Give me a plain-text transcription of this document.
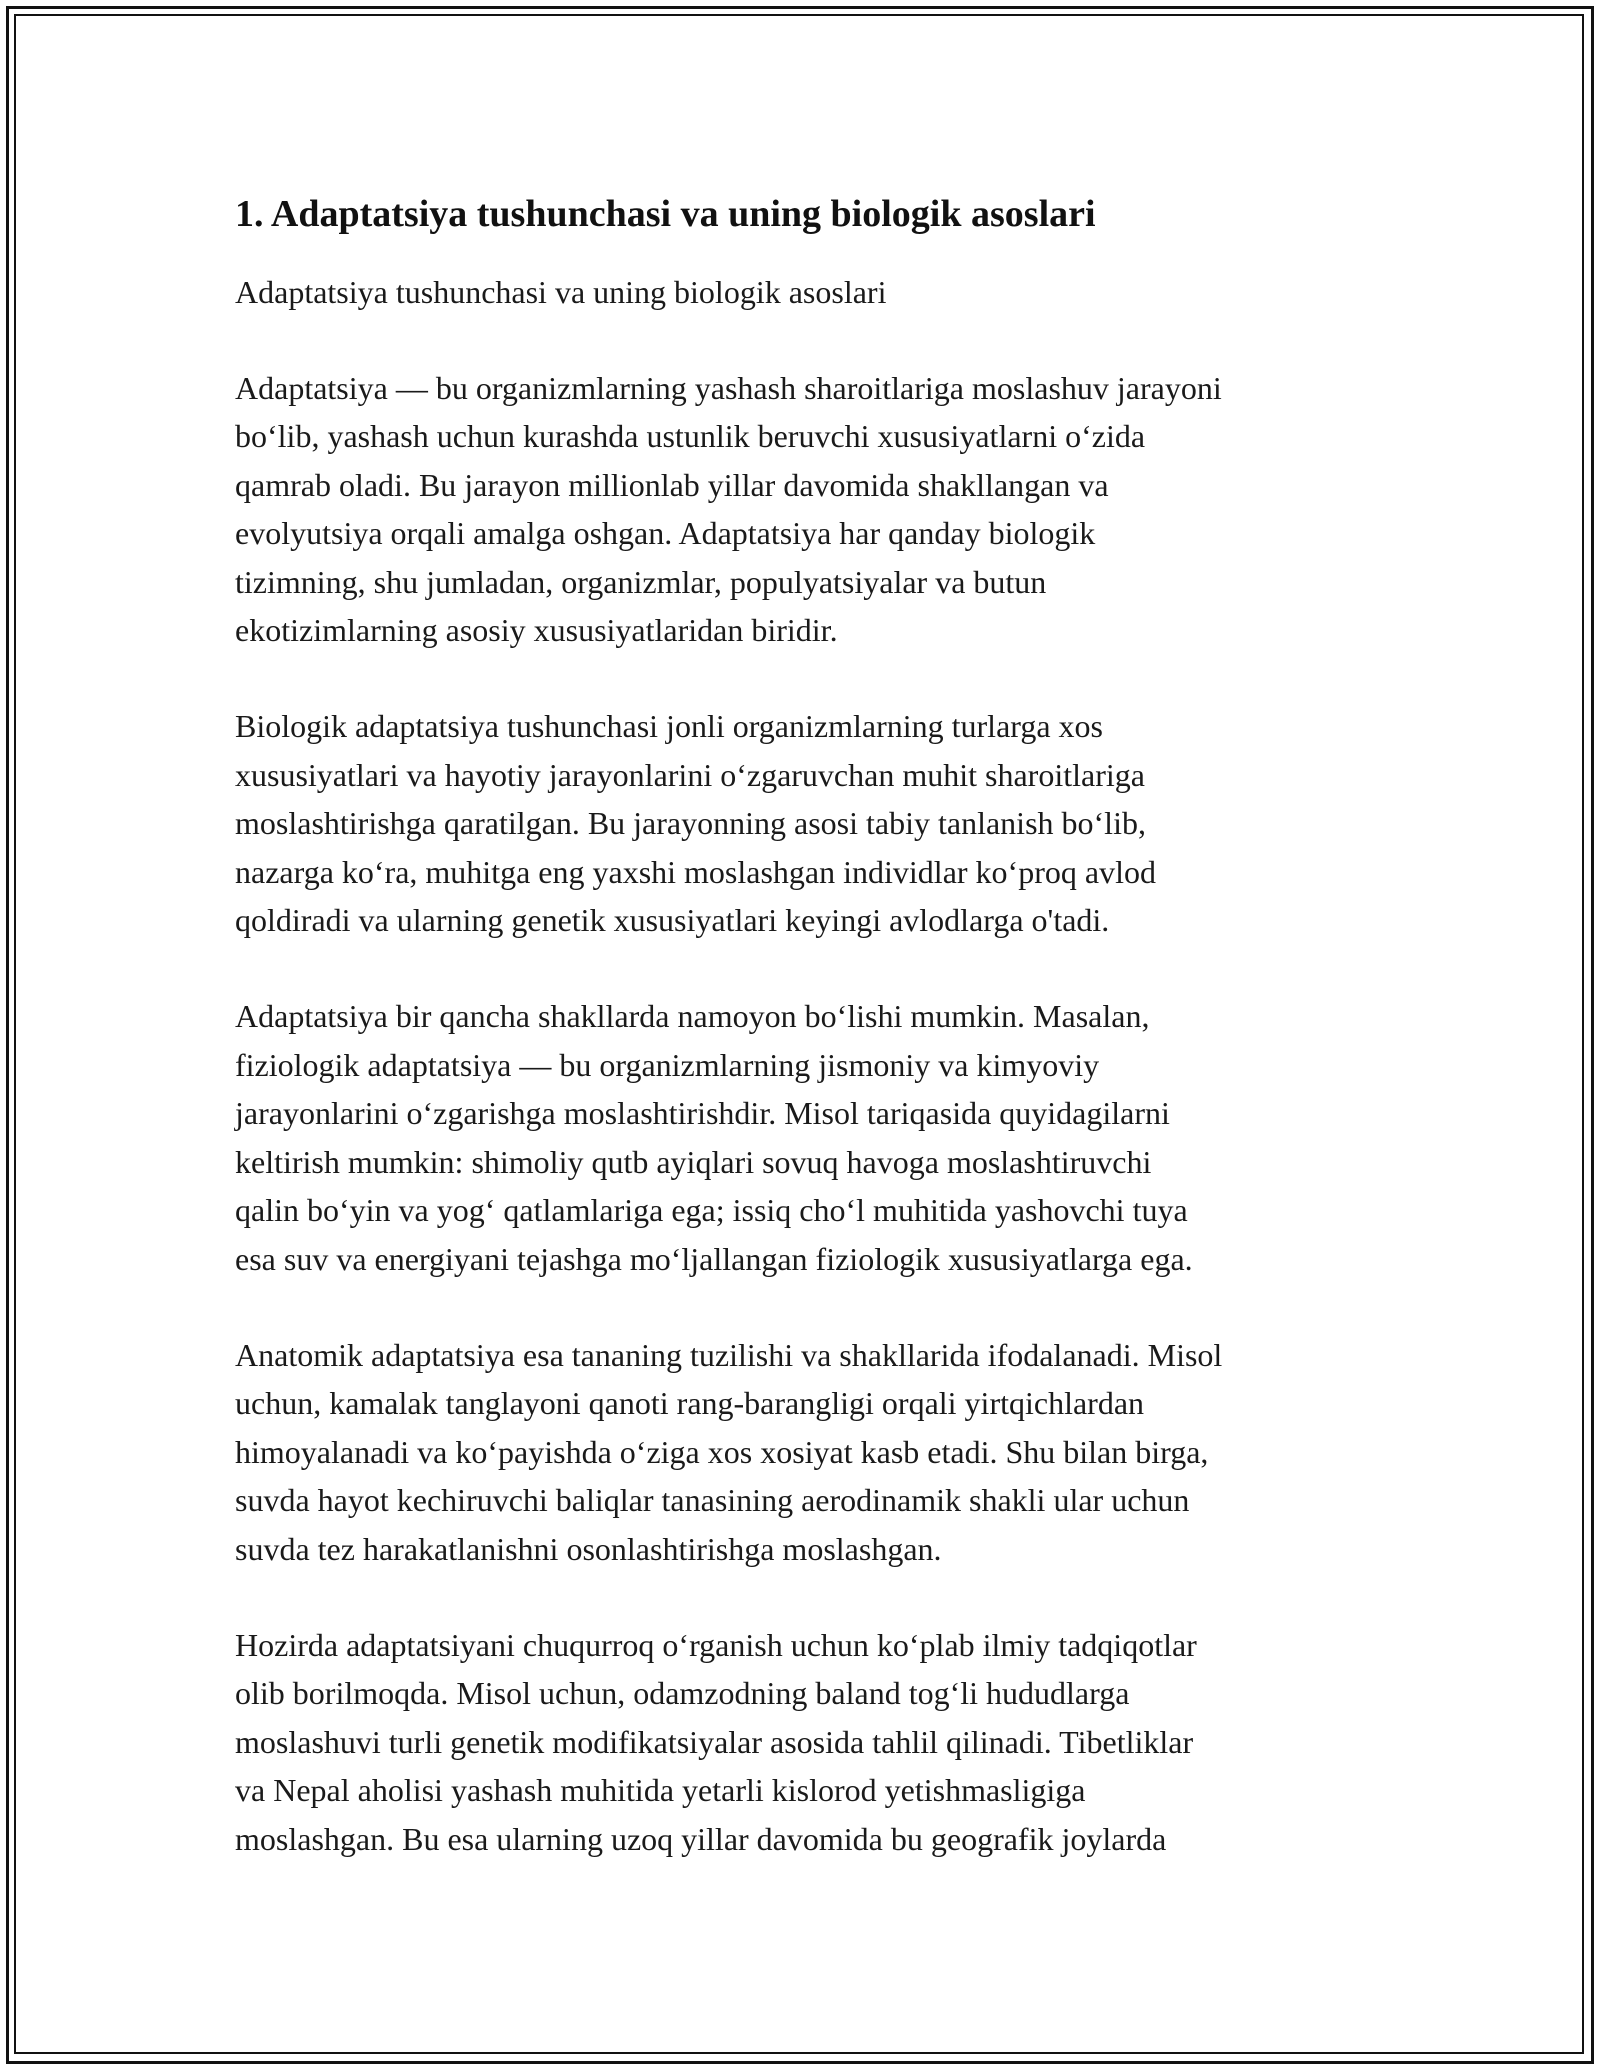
1. Adaptatsiya tushunchasi va uning biologik asoslari

Adaptatsiya tushunchasi va uning biologik asoslari

Adaptatsiya — bu organizmlarning yashash sharoitlariga moslashuv jarayoni
bo‘lib, yashash uchun kurashda ustunlik beruvchi xususiyatlarni o‘zida
qamrab oladi. Bu jarayon millionlab yillar davomida shakllangan va
evolyutsiya orqali amalga oshgan. Adaptatsiya har qanday biologik
tizimning, shu jumladan, organizmlar, populyatsiyalar va butun
ekotizimlarning asosiy xususiyatlaridan biridir.

Biologik adaptatsiya tushunchasi jonli organizmlarning turlarga xos
xususiyatlari va hayotiy jarayonlarini o‘zgaruvchan muhit sharoitlariga
moslashtirishga qaratilgan. Bu jarayonning asosi tabiy tanlanish bo‘lib,
nazarga ko‘ra, muhitga eng yaxshi moslashgan individlar ko‘proq avlod
qoldiradi va ularning genetik xususiyatlari keyingi avlodlarga o'tadi.

Adaptatsiya bir qancha shakllarda namoyon bo‘lishi mumkin. Masalan,
fiziologik adaptatsiya — bu organizmlarning jismoniy va kimyoviy
jarayonlarini o‘zgarishga moslashtirishdir. Misol tariqasida quyidagilarni
keltirish mumkin: shimoliy qutb ayiqlari sovuq havoga moslashtiruvchi
qalin bo‘yin va yog‘ qatlamlariga ega; issiq cho‘l muhitida yashovchi tuya
esa suv va energiyani tejashga mo‘ljallangan fiziologik xususiyatlarga ega.

Anatomik adaptatsiya esa tananing tuzilishi va shakllarida ifodalanadi. Misol
uchun, kamalak tanglayoni qanoti rang-barangligi orqali yirtqichlardan
himoyalanadi va ko‘payishda o‘ziga xos xosiyat kasb etadi. Shu bilan birga,
suvda hayot kechiruvchi baliqlar tanasining aerodinamik shakli ular uchun
suvda tez harakatlanishni osonlashtirishga moslashgan.

Hozirda adaptatsiyani chuqurroq o‘rganish uchun ko‘plab ilmiy tadqiqotlar
olib borilmoqda. Misol uchun, odamzodning baland tog‘li hududlarga
moslashuvi turli genetik modifikatsiyalar asosida tahlil qilinadi. Tibetliklar
va Nepal aholisi yashash muhitida yetarli kislorod yetishmasligiga
moslashgan. Bu esa ularning uzoq yillar davomida bu geografik joylarda
